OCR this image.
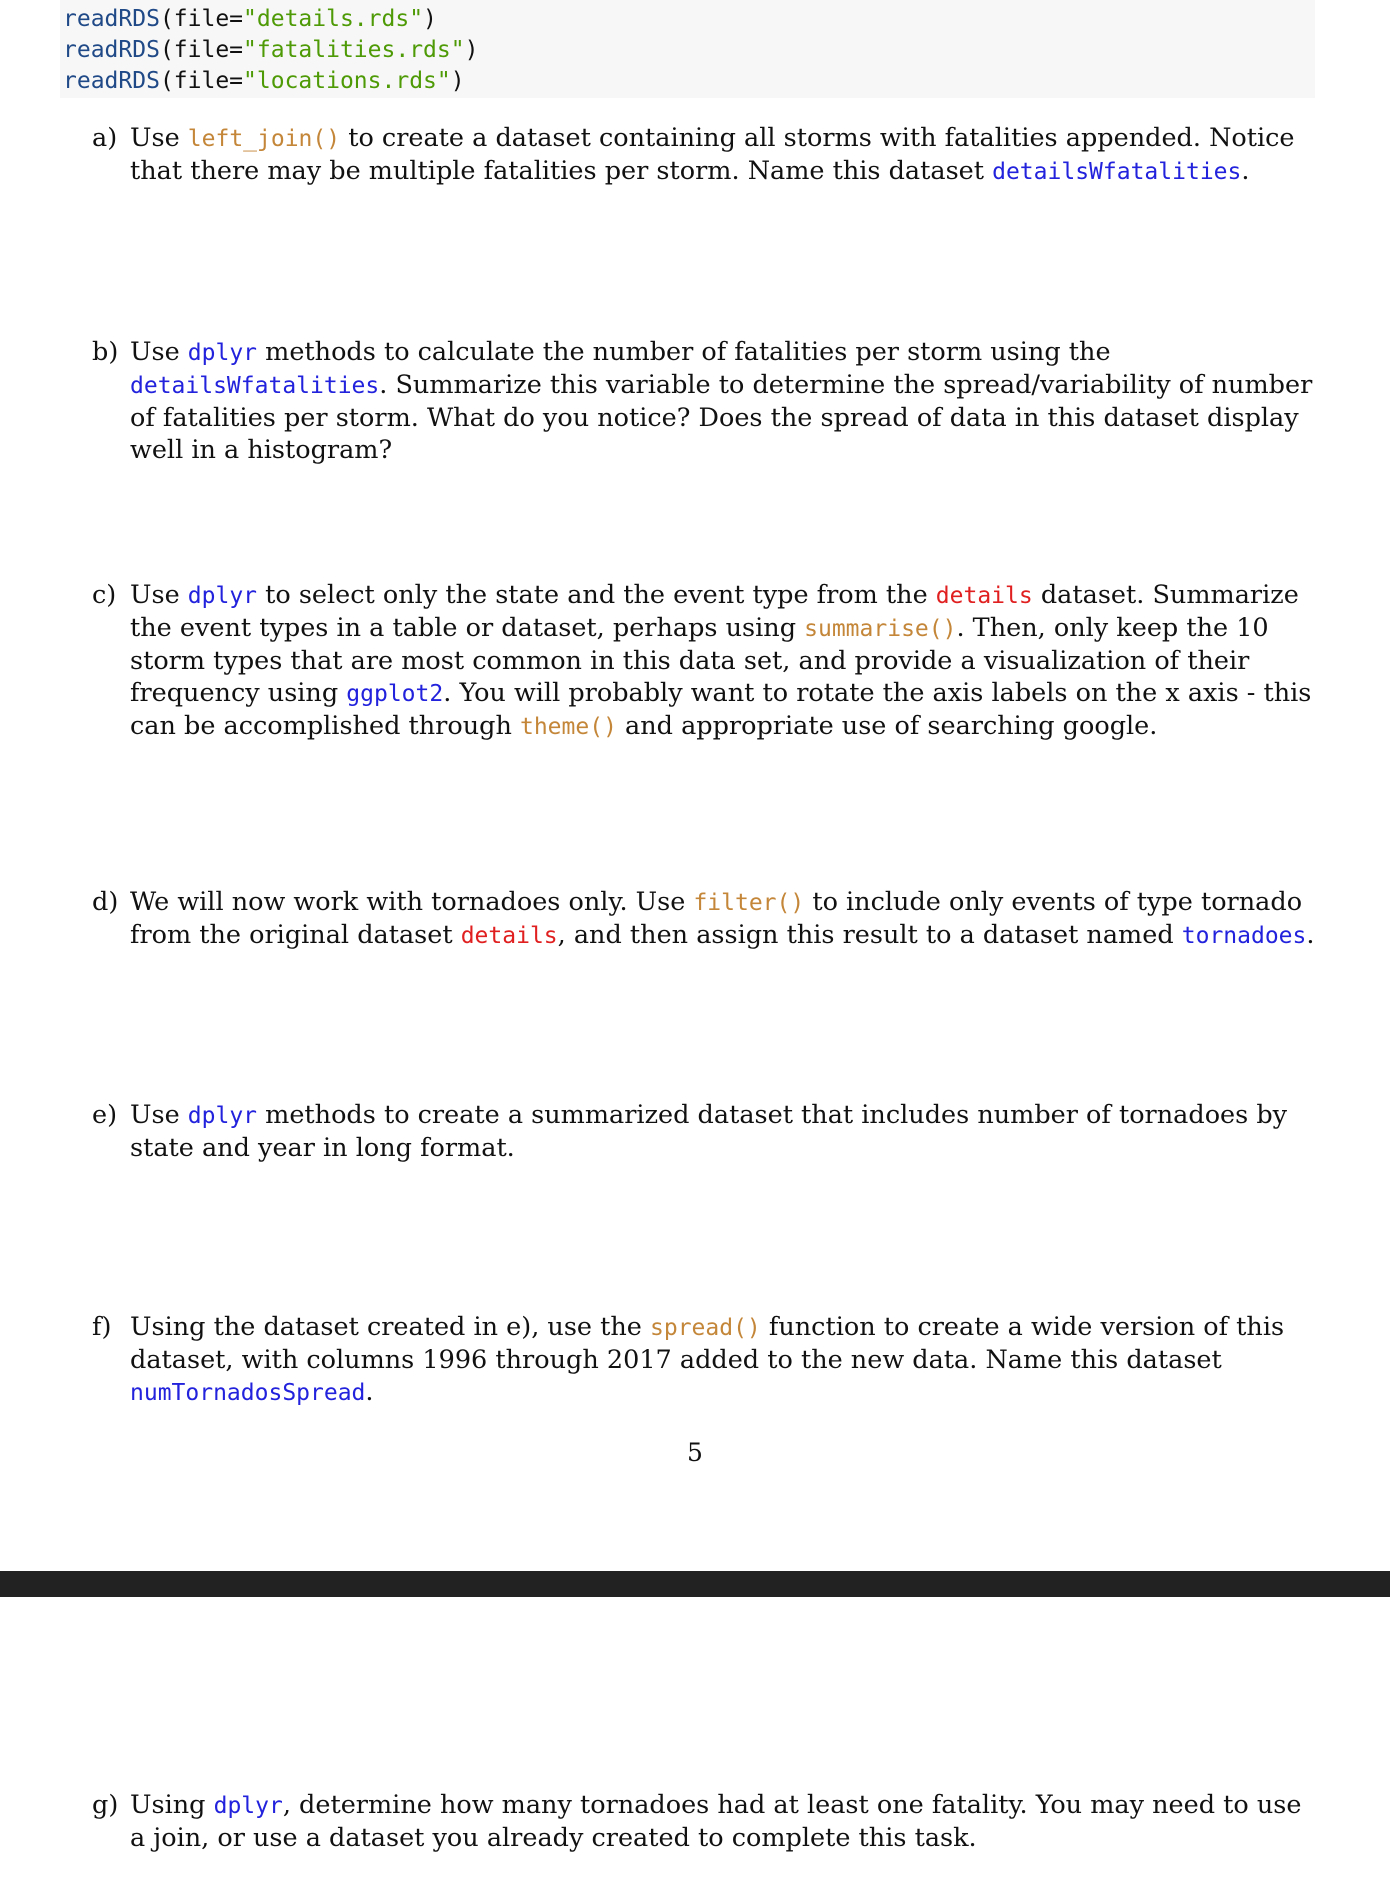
readRDS(file="details.rds")
readRDS(file="fatalities.rds")
readRDS(file="locations.rds")
a) Use left_join() to create a dataset containing all storms with fatalities appended. Notice that there may be multiple fatalities per storm. Name this dataset detailsWfatalities.
b) Use dplyr methods to calculate the number of fatalities per storm using the detailsWfatalities. Summarize this variable to determine the spread/variability of number of fatalities per storm. What do you notice? Does the spread of data in this dataset display well in a histogram?
c) Use dplyr to select only the state and the event type from the details dataset. Summarize the event types in a table or dataset, perhaps using summarise(). Then, only keep the 10 storm types that are most common in this data set, and provide a visualization of their frequency using ggplot2. You will probably want to rotate the axis labels on the x axis - this can be accomplished through theme() and appropriate use of searching google.
d) We will now work with tornadoes only. Use filter() to include only events of type tornado from the original dataset details, and then assign this result to a dataset named tornadoes.
e) Use dplyr methods to create a summarized dataset that includes number of tornadoes by state and year in long format.
f) Using the dataset created in e), use the spread() function to create a wide version of this dataset, with columns 1996 through 2017 added to the new data. Name this dataset numTornadosSpread.
5
g) Using dplyr, determine how many tornadoes had at least one fatality. You may need to use a join, or use a dataset you already created to complete this task.
